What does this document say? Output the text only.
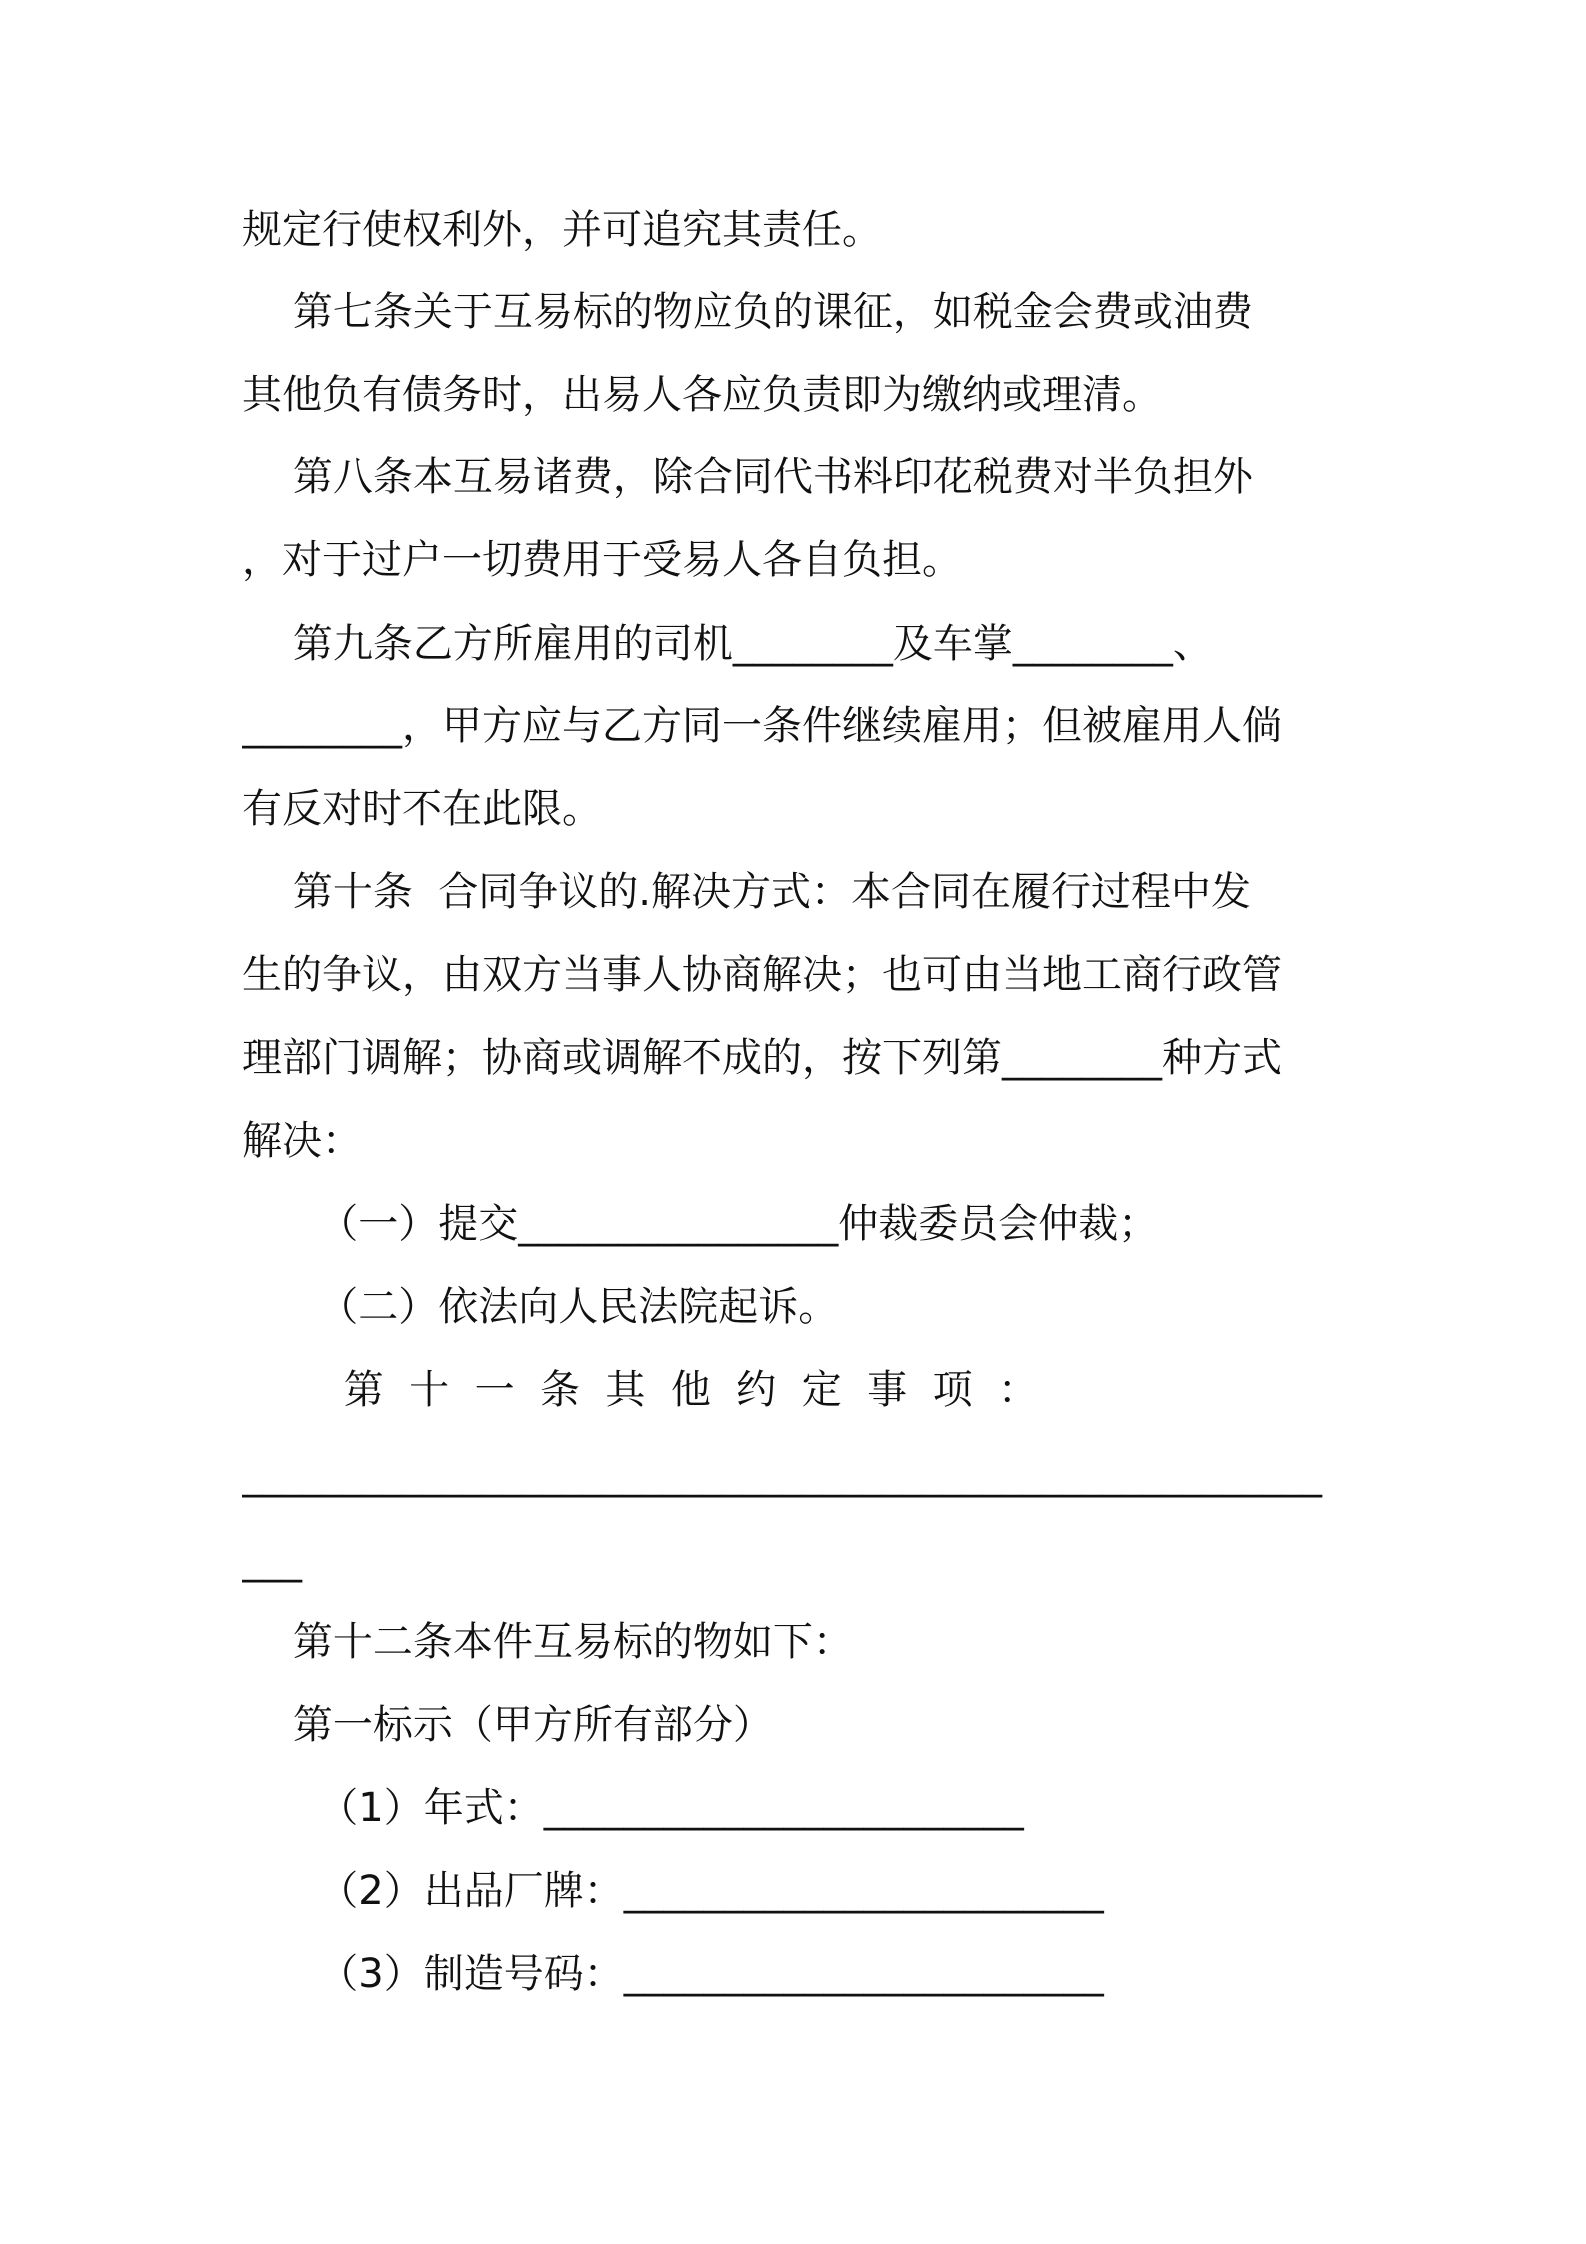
规定行使权利外，并可追究其责任。
第七条关于互易标的物应负的课征，如税金会费或油费
其他负有债务时，出易人各应负责即为缴纳或理清。
第八条本互易诸费，除合同代书料印花税费对半负担外
，对于过户一切费用于受易人各自负担。
第九条乙方所雇用的司机________及车掌________、
________，甲方应与乙方同一条件继续雇用；但被雇用人倘
有反对时不在此限。
第十条  合同争议的.解决方式：本合同在履行过程中发
生的争议，由双方当事人协商解决；也可由当地工商行政管
理部门调解；协商或调解不成的，按下列第________种方式
解决：
（一）提交________________仲裁委员会仲裁；
（二）依法向人民法院起诉。
第  十  一  条  其  他  约  定  事  项  ：
______________________________________________________
___
第十二条本件互易标的物如下：
第一标示（甲方所有部分）
（1）年式：________________________
（2）出品厂牌：________________________
（3）制造号码：________________________
